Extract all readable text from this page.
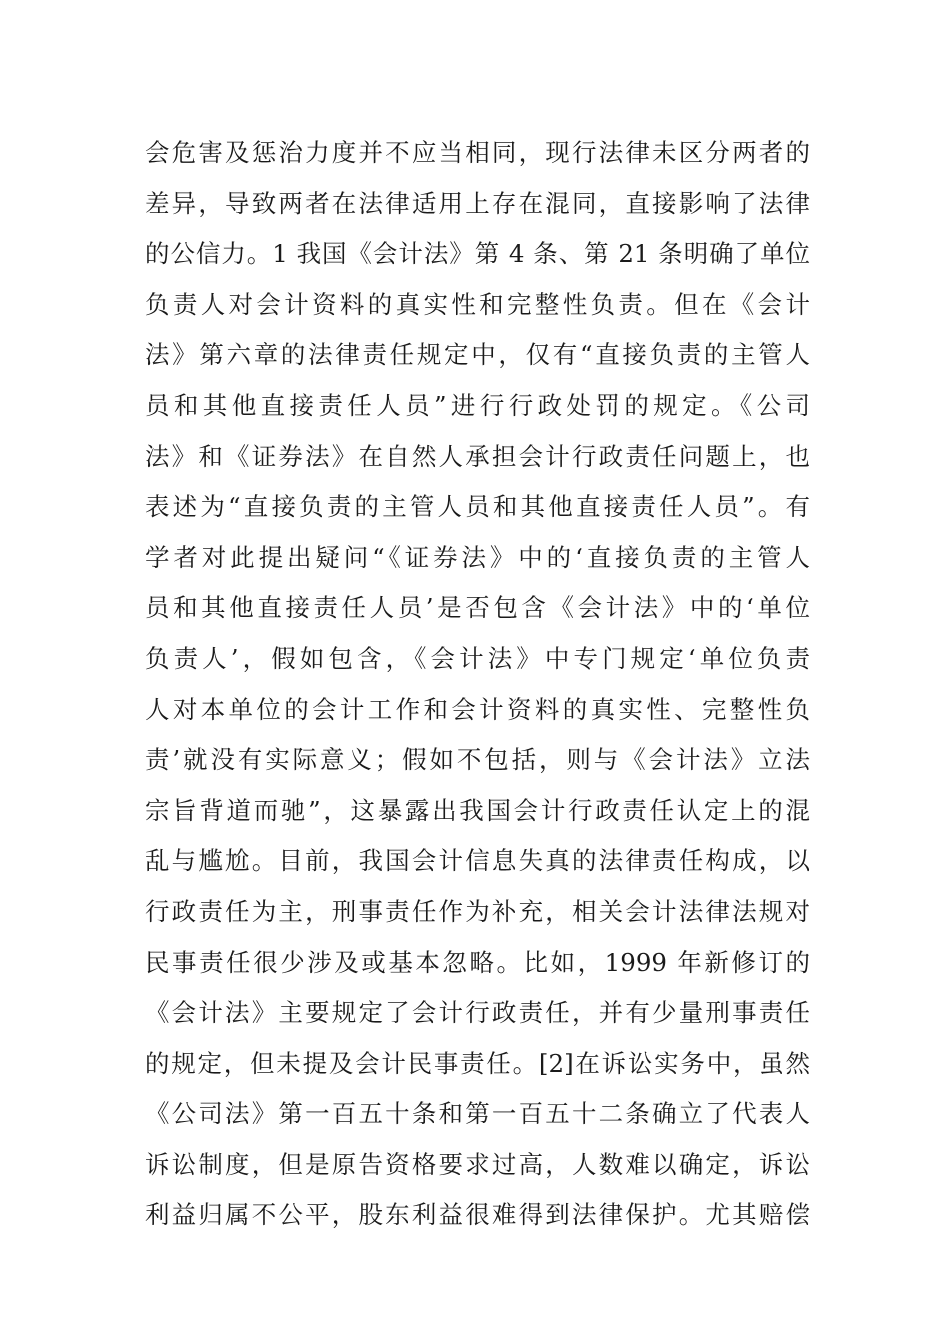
会危害及惩治力度并不应当相同，现行法律未区分两者的
差异，导致两者在法律适用上存在混同，直接影响了法律
的公信力。1 我国《会计法》第 4 条、第 21 条明确了单位
负责人对会计资料的真实性和完整性负责。但在《会计
法》第六章的法律责任规定中，仅有“直接负责的主管人
员和其他直接责任人员”进行行政处罚的规定。《公司
法》和《证券法》在自然人承担会计行政责任问题上，也
表述为“直接负责的主管人员和其他直接责任人员”。有
学者对此提出疑问“《证券法》中的‘直接负责的主管人
员和其他直接责任人员’是否包含《会计法》中的‘单位
负责人’，假如包含，《会计法》中专门规定‘单位负责
人对本单位的会计工作和会计资料的真实性、完整性负
责’就没有实际意义；假如不包括，则与《会计法》立法
宗旨背道而驰”，这暴露出我国会计行政责任认定上的混
乱与尴尬。目前，我国会计信息失真的法律责任构成，以
行政责任为主，刑事责任作为补充，相关会计法律法规对
民事责任很少涉及或基本忽略。比如，1999 年新修订的
《会计法》主要规定了会计行政责任，并有少量刑事责任
的规定，但未提及会计民事责任。[2]在诉讼实务中，虽然
《公司法》第一百五十条和第一百五十二条确立了代表人
诉讼制度，但是原告资格要求过高，人数难以确定，诉讼
利益归属不公平，股东利益很难得到法律保护。尤其赔偿
